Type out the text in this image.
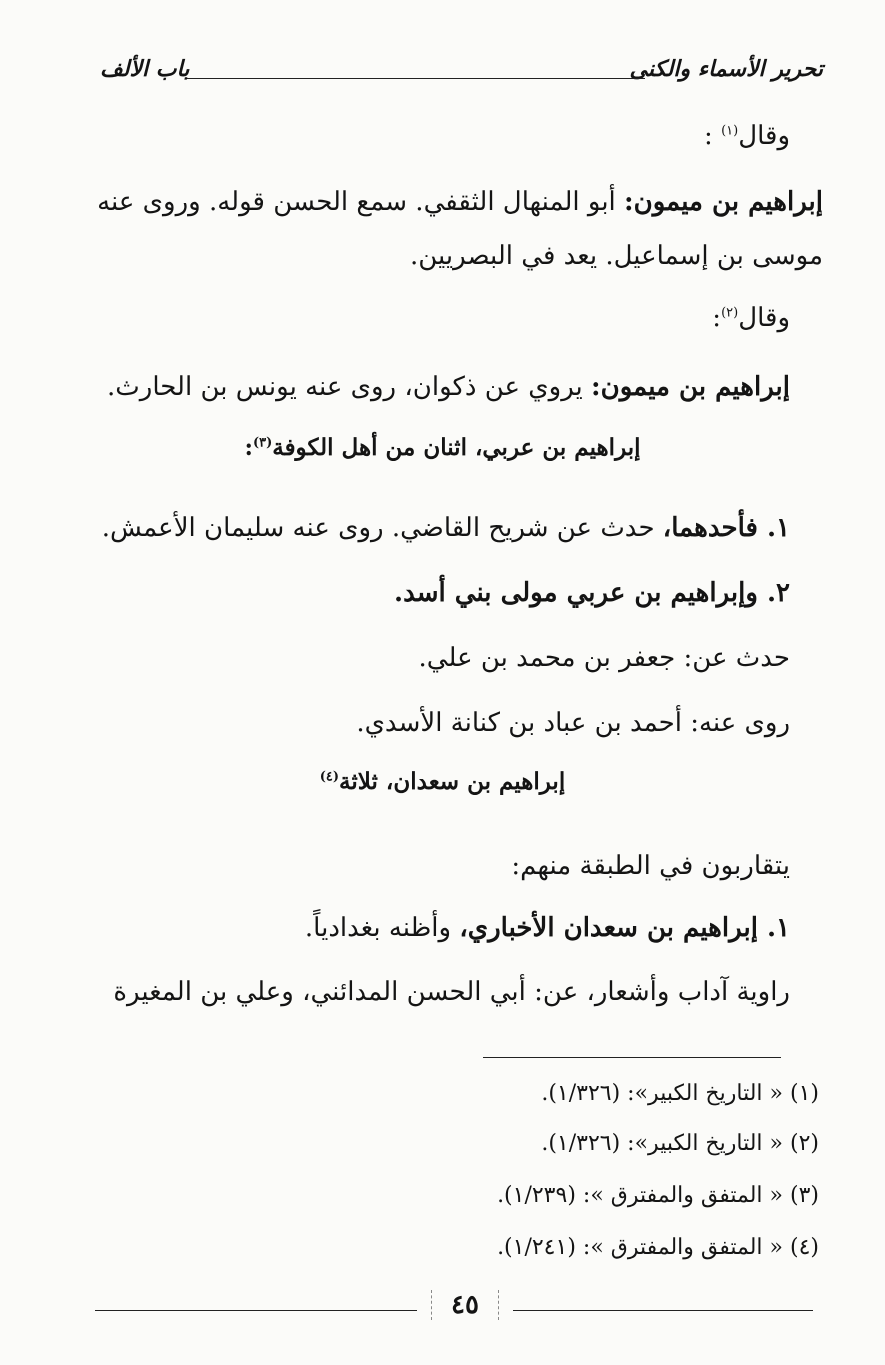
تحرير الأسماء والكنى
باب الألف
وقال$^{(١)}$ :
إبراهيم بن ميمون: أبو المنهال الثقفي. سمع الحسن قوله. وروى عنه
موسى بن إسماعيل. يعد في البصريين.
وقال$^{(٢)}$:
إبراهيم بن ميمون: يروي عن ذكوان، روى عنه يونس بن الحارث.
إبراهيم بن عربي، اثنان من أهل الكوفة$^{(٣)}$:
١. فأحدهما، حدث عن شريح القاضي. روى عنه سليمان الأعمش.
٢. وإبراهيم بن عربي مولى بني أسد.
حدث عن: جعفر بن محمد بن علي.
روى عنه: أحمد بن عباد بن كنانة الأسدي.
إبراهيم بن سعدان، ثلاثة$^{(٤)}$
يتقاربون في الطبقة منهم:
١. إبراهيم بن سعدان الأخباري، وأظنه بغدادياً.
راوية آداب وأشعار، عن: أبي الحسن المدائني، وعلي بن المغيرة
(١) « التاريخ الكبير»: (١/٣٢٦).
(٢) « التاريخ الكبير»: (١/٣٢٦).
(٣) « المتفق والمفترق »: (١/٢٣٩).
(٤) « المتفق والمفترق »: (١/٢٤١).
٤٥
